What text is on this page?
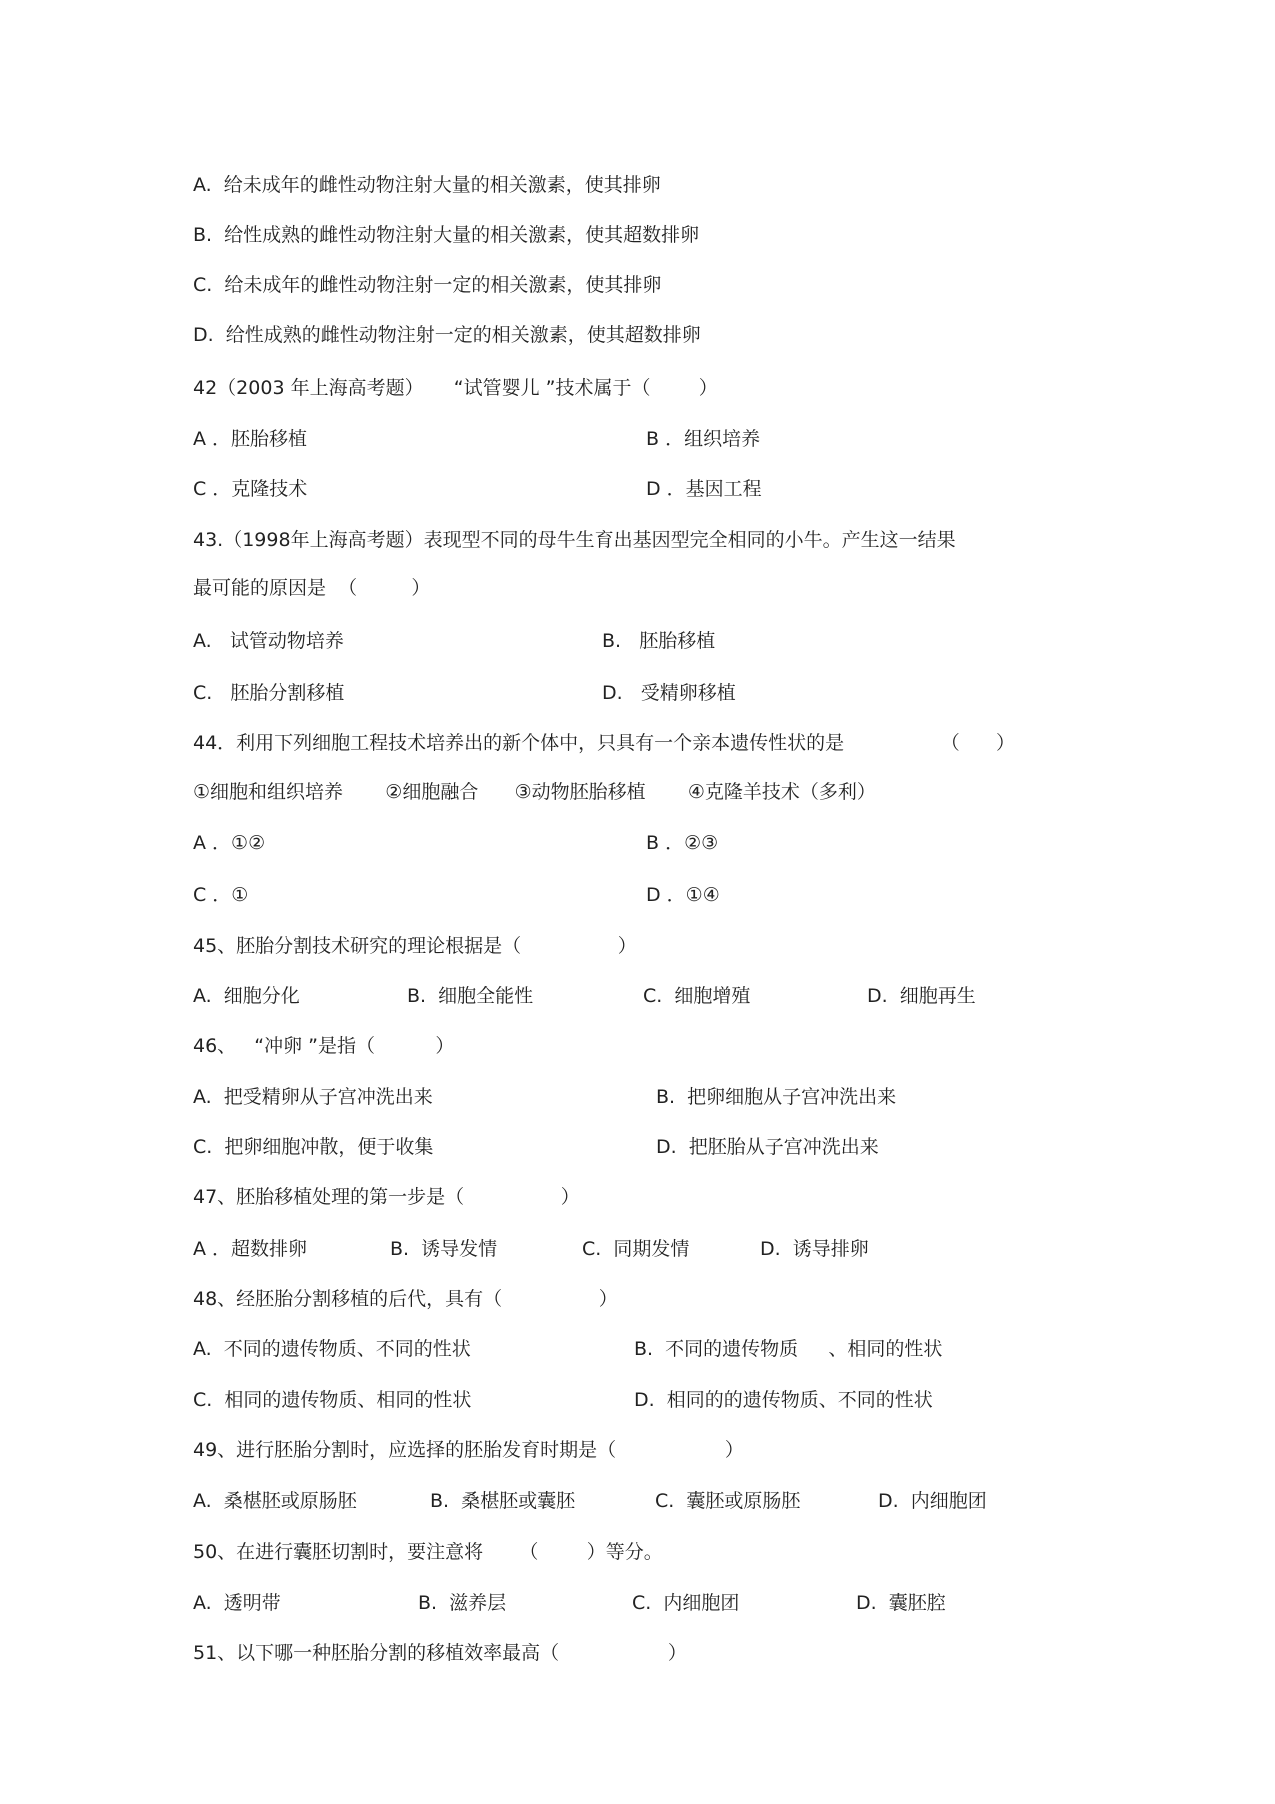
A.  给未成年的雌性动物注射大量的相关激素，使其排卵
B.  给性成熟的雌性动物注射大量的相关激素，使其超数排卵
C.  给未成年的雌性动物注射一定的相关激素，使其排卵
D.  给性成熟的雌性动物注射一定的相关激素，使其超数排卵
42（2003 年上海高考题）     “试管婴儿 ”技术属于（        ）
A ．胚胎移植	B ．组织培养
C ．克隆技术	D ．基因工程
43.（1998年上海高考题）表现型不同的母牛生育出基因型完全相同的小牛。产生这一结果
最可能的原因是  （         ）
A.   试管动物培养	B.   胚胎移植
C.   胚胎分割移植	D.   受精卵移植
44．利用下列细胞工程技术培养出的新个体中，只具有一个亲本遗传性状的是                （      ）
①细胞和组织培养       ②细胞融合      ③动物胚胎移植       ④克隆羊技术（多利）
A ．①②	B ．②③
C ．①	D ．①④
45、胚胎分割技术研究的理论根据是（                ）
A.  细胞分化	B.  细胞全能性	C.  细胞增殖	D.  细胞再生
46、   “冲卵 ”是指（          ）
A.  把受精卵从子宫冲洗出来	B.  把卵细胞从子宫冲洗出来
C.  把卵细胞冲散，便于收集	D.  把胚胎从子宫冲洗出来
47、胚胎移植处理的第一步是（                ）
A ．超数排卵	B.  诱导发情	C.  同期发情	D.  诱导排卵
48、经胚胎分割移植的后代，具有（                ）
A.  不同的遗传物质、不同的性状	B.  不同的遗传物质     、相同的性状
C.  相同的遗传物质、相同的性状	D.  相同的的遗传物质、不同的性状
49、进行胚胎分割时，应选择的胚胎发育时期是（                  ）
A.  桑椹胚或原肠胚	B.  桑椹胚或囊胚	C.  囊胚或原肠胚	D.  内细胞团
50、在进行囊胚切割时，要注意将      （        ）等分。
A.  透明带	B.  滋养层	C.  内细胞团	D.  囊胚腔
51、以下哪一种胚胎分割的移植效率最高（                  ）
